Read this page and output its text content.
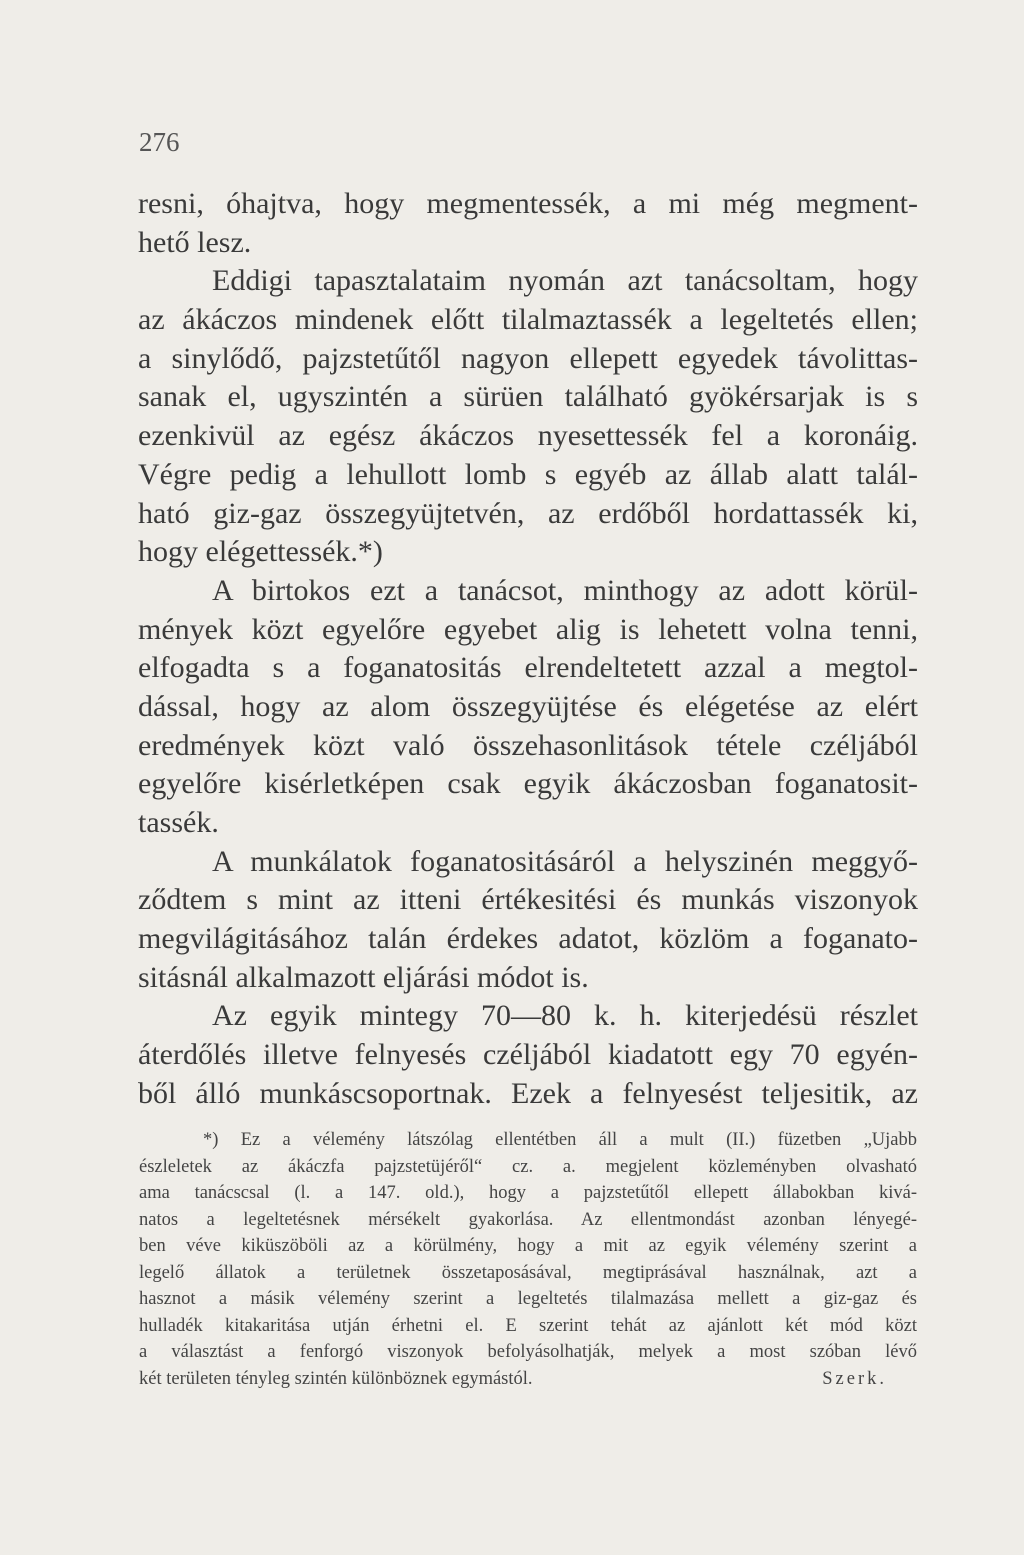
276
resni, óhajtva, hogy megmentessék, a mi még megment-
hető lesz.
Eddigi tapasztalataim nyomán azt tanácsoltam, hogy
az ákáczos mindenek előtt tilalmaztassék a legeltetés ellen;
a sinylődő, pajzstetűtől nagyon ellepett egyedek távolittas-
sanak el, ugyszintén a sürüen található gyökérsarjak is s
ezenkivül az egész ákáczos nyesettessék fel a koronáig.
Végre pedig a lehullott lomb s egyéb az állab alatt talál-
ható giz-gaz összegyüjtetvén, az erdőből hordattassék ki,
hogy elégettessék.*)
A birtokos ezt a tanácsot, minthogy az adott körül-
mények közt egyelőre egyebet alig is lehetett volna tenni,
elfogadta s a foganatositás elrendeltetett azzal a megtol-
dással, hogy az alom összegyüjtése és elégetése az elért
eredmények közt való összehasonlitások tétele czéljából
egyelőre kisérletképen csak egyik ákáczosban foganatosit-
tassék.
A munkálatok foganatositásáról a helyszinén meggyő-
ződtem s mint az itteni értékesitési és munkás viszonyok
megvilágitásához talán érdekes adatot, közlöm a foganato-
sitásnál alkalmazott eljárási módot is.
Az egyik mintegy 70—80 k. h. kiterjedésü részlet
áterdőlés illetve felnyesés czéljából kiadatott egy 70 egyén-
ből álló munkáscsoportnak. Ezek a felnyesést teljesitik, az
*) Ez a vélemény látszólag ellentétben áll a mult (II.) füzetben „Ujabb
észleletek az ákáczfa pajzstetüjéről“ cz. a. megjelent közleményben olvasható
ama tanácscsal (l. a 147. old.), hogy a pajzstetűtől ellepett állabokban kivá-
natos a legeltetésnek mérsékelt gyakorlása. Az ellentmondást azonban lényegé-
ben véve kiküszöböli az a körülmény, hogy a mit az egyik vélemény szerint a
legelő állatok a területnek összetaposásával, megtiprásával használnak, azt a
hasznot a másik vélemény szerint a legeltetés tilalmazása mellett a giz-gaz és
hulladék kitakaritása utján érhetni el. E szerint tehát az ajánlott két mód közt
a választást a fenforgó viszonyok befolyásolhatják, melyek a most szóban lévő
két területen tényleg szintén különböznek egymástól.	Szerk.
